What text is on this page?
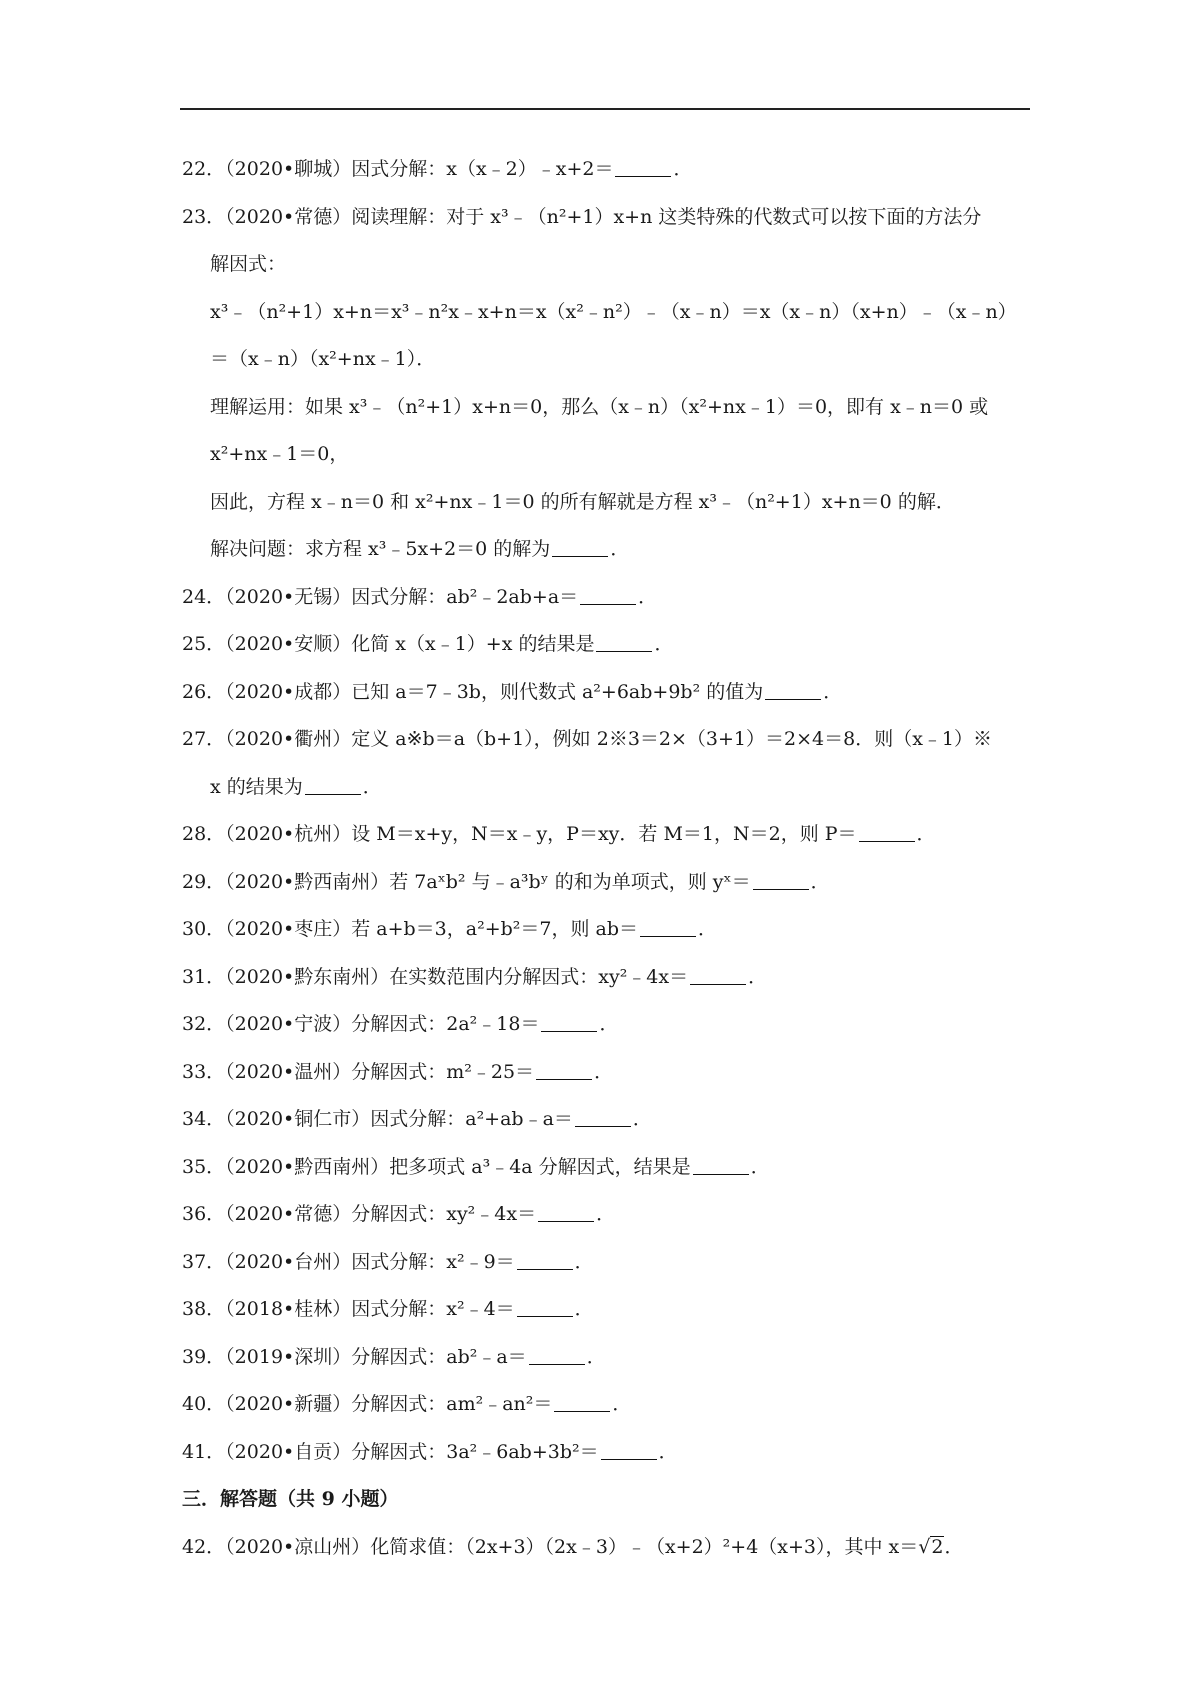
22．（2020•聊城）因式分解：x（x﹣2）﹣x+2＝	．
23．（2020•常德）阅读理解：对于 x³﹣（n²+1）x+n 这类特殊的代数式可以按下面的方法分
解因式：
x³﹣（n²+1）x+n＝x³﹣n²x﹣x+n＝x（x²﹣n²）﹣（x﹣n）＝x（x﹣n）（x+n）﹣（x﹣n）
＝（x﹣n）（x²+nx﹣1）．
理解运用：如果 x³﹣（n²+1）x+n＝0，那么（x﹣n）（x²+nx﹣1）＝0，即有 x﹣n＝0 或
x²+nx﹣1＝0，
因此，方程 x﹣n＝0 和 x²+nx﹣1＝0 的所有解就是方程 x³﹣（n²+1）x+n＝0 的解．
解决问题：求方程 x³﹣5x+2＝0 的解为	．
24．（2020•无锡）因式分解：ab²﹣2ab+a＝	．
25．（2020•安顺）化简 x（x﹣1）+x 的结果是	．
26．（2020•成都）已知 a＝7﹣3b，则代数式 a²+6ab+9b² 的值为	．
27．（2020•衢州）定义 a※b＝a（b+1），例如 2※3＝2×（3+1）＝2×4＝8．则（x﹣1）※
x 的结果为	．
28．（2020•杭州）设 M＝x+y，N＝x﹣y，P＝xy．若 M＝1，N＝2，则 P＝	．
29．（2020•黔西南州）若 7aˣb² 与﹣a³bʸ 的和为单项式，则 yˣ＝	．
30．（2020•枣庄）若 a+b＝3，a²+b²＝7，则 ab＝	．
31．（2020•黔东南州）在实数范围内分解因式：xy²﹣4x＝	．
32．（2020•宁波）分解因式：2a²﹣18＝	．
33．（2020•温州）分解因式：m²﹣25＝	．
34．（2020•铜仁市）因式分解：a²+ab﹣a＝	．
35．（2020•黔西南州）把多项式 a³﹣4a 分解因式，结果是	．
36．（2020•常德）分解因式：xy²﹣4x＝	．
37．（2020•台州）因式分解：x²﹣9＝	．
38．（2018•桂林）因式分解：x²﹣4＝	．
39．（2019•深圳）分解因式：ab²﹣a＝	．
40．（2020•新疆）分解因式：am²﹣an²＝	．
41．（2020•自贡）分解因式：3a²﹣6ab+3b²＝	．
三．解答题（共 9 小题）
42．（2020•凉山州）化简求值：（2x+3）（2x﹣3）﹣（x+2）²+4（x+3），其中 x＝√2．
